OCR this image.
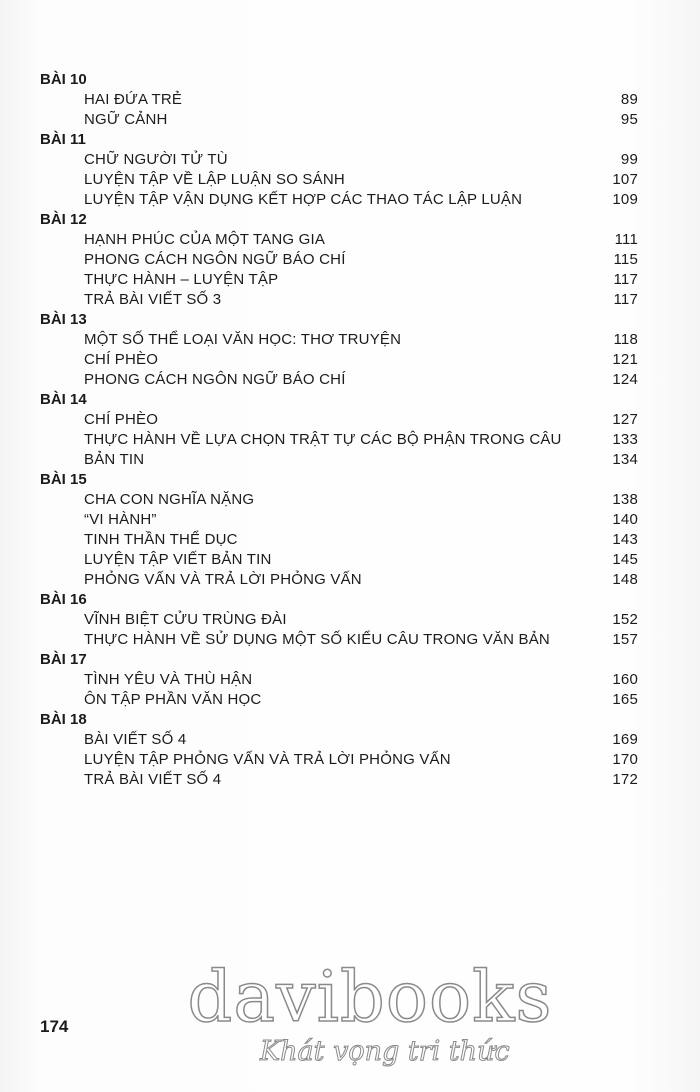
BÀI 10
HAI ĐỨA TRẺ	89
NGỮ CẢNH	95
BÀI 11
CHỮ NGƯỜI TỬ TÙ	99
LUYỆN TẬP VỀ LẬP LUẬN SO SÁNH	107
LUYỆN TẬP VẬN DỤNG KẾT HỢP CÁC THAO TÁC LẬP LUẬN	109
BÀI 12
HẠNH PHÚC CỦA MỘT TANG GIA	111
PHONG CÁCH NGÔN NGỮ BÁO CHÍ	115
THỰC HÀNH – LUYỆN TẬP	117
TRẢ BÀI VIẾT SỐ 3	117
BÀI 13
MỘT SỐ THỂ LOẠI VĂN HỌC: THƠ TRUYỆN	118
CHÍ PHÈO	121
PHONG CÁCH NGÔN NGỮ BÁO CHÍ	124
BÀI 14
CHÍ PHÈO	127
THỰC HÀNH VỀ LỰA CHỌN TRẬT TỰ CÁC BỘ PHẬN TRONG CÂU	133
BẢN TIN	134
BÀI 15
CHA CON NGHĨA NẶNG	138
“VI HÀNH”	140
TINH THẦN THỂ DỤC	143
LUYỆN TẬP VIẾT BẢN TIN	145
PHỎNG VẤN VÀ TRẢ LỜI PHỎNG VẤN	148
BÀI 16
VĨNH BIỆT CỬU TRÙNG ĐÀI	152
THỰC HÀNH VỀ SỬ DỤNG MỘT SỐ KIỂU CÂU TRONG VĂN BẢN	157
BÀI 17
TÌNH YÊU VÀ THÙ HẬN	160
ÔN TẬP PHẦN VĂN HỌC	165
BÀI 18
BÀI VIẾT SỐ 4	169
LUYỆN TẬP PHỎNG VẤN VÀ TRẢ LỜI PHỎNG VẤN	170
TRẢ BÀI VIẾT SỐ 4	172
174	davibooks
Khát vọng tri thức
